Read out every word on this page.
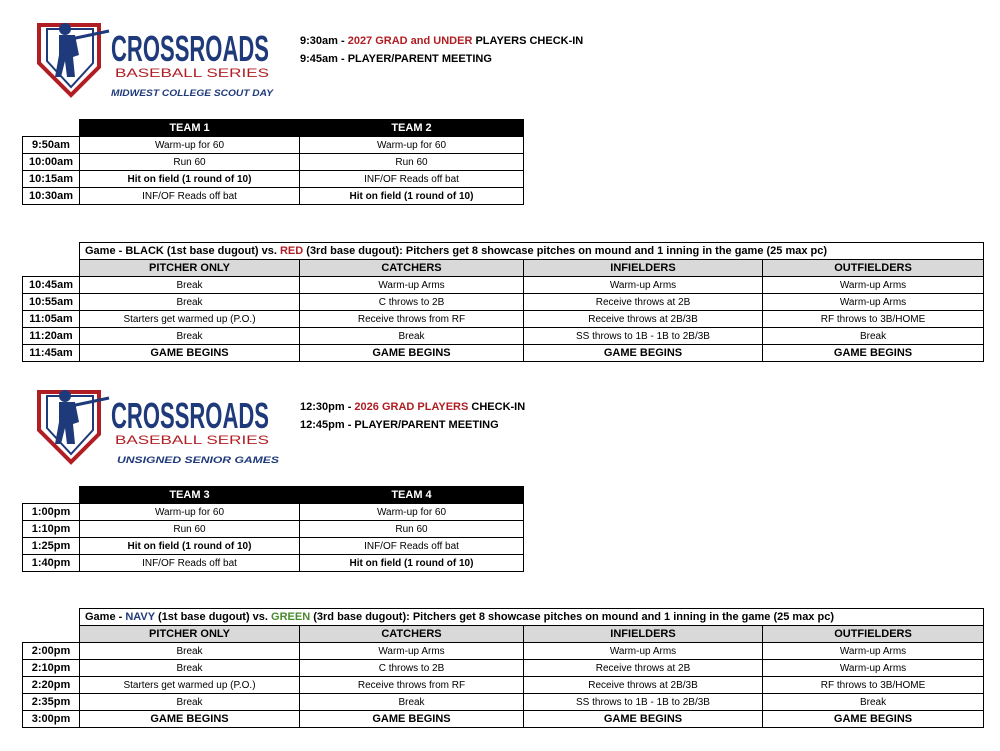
CROSSROADS
BASEBALL SERIES
MIDWEST COLLEGE SCOUT DAY
9:30am - 2027 GRAD and UNDER PLAYERS CHECK-IN
9:45am - PLAYER/PARENT MEETING
	TEAM 1	TEAM 2
9:50am	Warm-up for 60	Warm-up for 60
10:00am	Run 60	Run 60
10:15am	Hit on field (1 round of 10)	INF/OF Reads off bat
10:30am	INF/OF Reads off bat	Hit on field (1 round of 10)
	Game - BLACK (1st base dugout) vs. RED (3rd base dugout): Pitchers get 8 showcase pitches on mound and 1 inning in the game (25 max pc)			
	PITCHER ONLY	CATCHERS	INFIELDERS	OUTFIELDERS
10:45am	Break	Warm-up Arms	Warm-up Arms	Warm-up Arms
10:55am	Break	C throws to 2B	Receive throws at 2B	Warm-up Arms
11:05am	Starters get warmed up (P.O.)	Receive throws from RF	Receive throws at 2B/3B	RF throws to 3B/HOME
11:20am	Break	Break	SS throws to 1B - 1B to 2B/3B	Break
11:45am	GAME BEGINS	GAME BEGINS	GAME BEGINS	GAME BEGINS
CROSSROADS
BASEBALL SERIES
UNSIGNED SENIOR GAMES
12:30pm - 2026 GRAD PLAYERS CHECK-IN
12:45pm - PLAYER/PARENT MEETING
	TEAM 3	TEAM 4
1:00pm	Warm-up for 60	Warm-up for 60
1:10pm	Run 60	Run 60
1:25pm	Hit on field (1 round of 10)	INF/OF Reads off bat
1:40pm	INF/OF Reads off bat	Hit on field (1 round of 10)
	Game - NAVY (1st base dugout) vs. GREEN (3rd base dugout): Pitchers get 8 showcase pitches on mound and 1 inning in the game (25 max pc)			
	PITCHER ONLY	CATCHERS	INFIELDERS	OUTFIELDERS
2:00pm	Break	Warm-up Arms	Warm-up Arms	Warm-up Arms
2:10pm	Break	C throws to 2B	Receive throws at 2B	Warm-up Arms
2:20pm	Starters get warmed up (P.O.)	Receive throws from RF	Receive throws at 2B/3B	RF throws to 3B/HOME
2:35pm	Break	Break	SS throws to 1B - 1B to 2B/3B	Break
3:00pm	GAME BEGINS	GAME BEGINS	GAME BEGINS	GAME BEGINS
